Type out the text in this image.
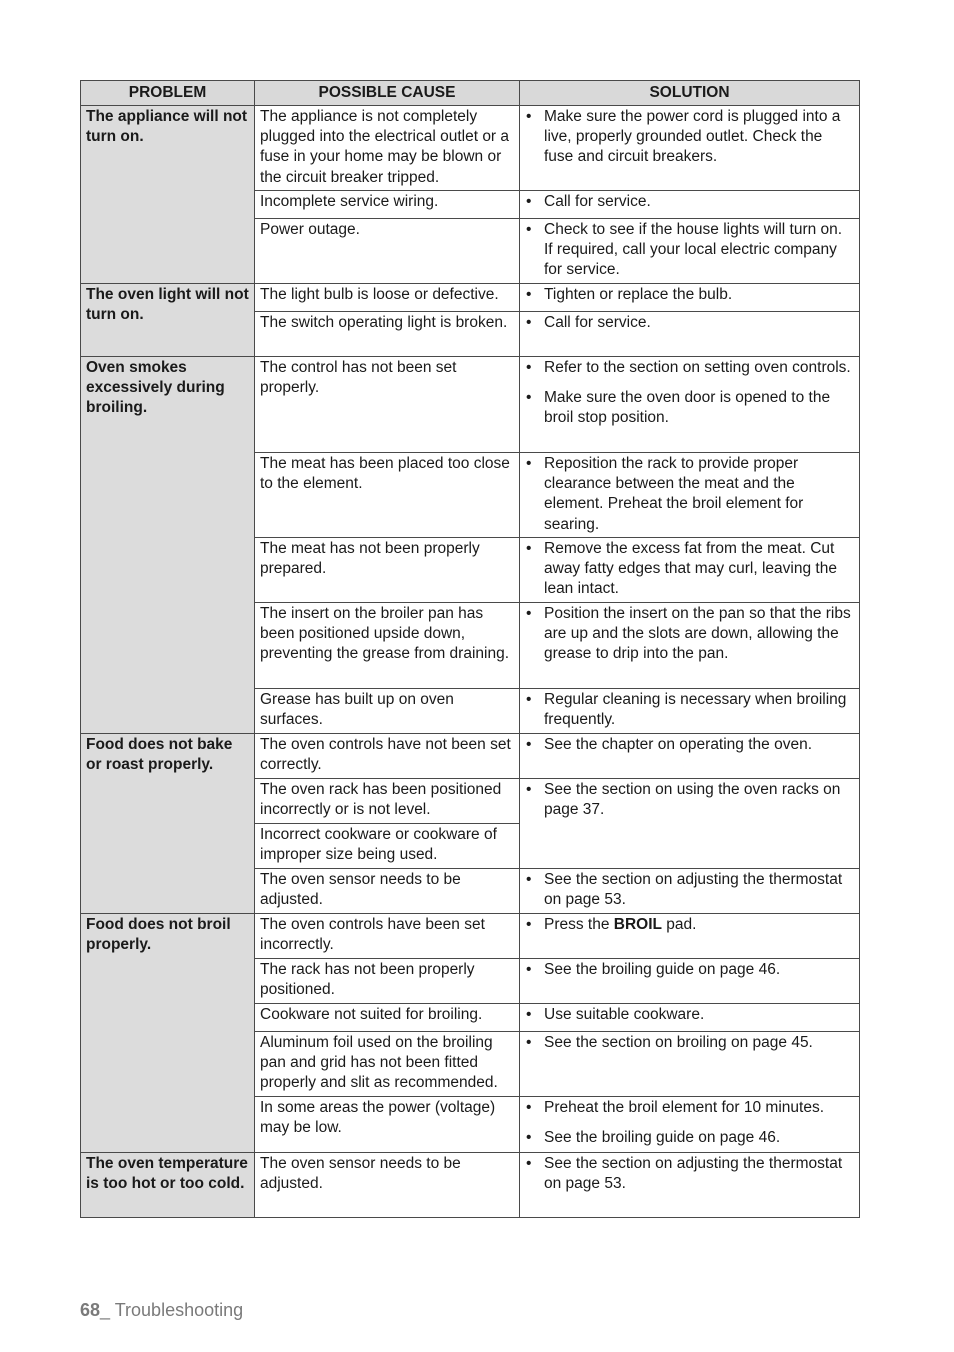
PROBLEM	POSSIBLE CAUSE	SOLUTION
The appliance will not turn on.	The appliance is not completely plugged into the electrical outlet or a fuse in your home may be blown or the circuit breaker tripped.	• Make sure the power cord is plugged into a live, properly grounded outlet. Check the fuse and circuit breakers.

	Incomplete service wiring.	• Call for service.

	Power outage.	• Check to see if the house lights will turn on. If required, call your local electric company for service.

The oven light will not turn on.	The light bulb is loose or defective.	• Tighten or replace the bulb.

	The switch operating light is broken.	• Call for service.

Oven smokes excessively during broiling.	The control has not been set properly.	• Refer to the section on setting oven controls.
• Make sure the oven door is opened to the broil stop position.

	The meat has been placed too close to the element.	• Reposition the rack to provide proper clearance between the meat and the element. Preheat the broil element for searing.

	The meat has not been properly prepared.	• Remove the excess fat from the meat. Cut away fatty edges that may curl, leaving the lean intact.

	The insert on the broiler pan has been positioned upside down, preventing the grease from draining.	• Position the insert on the pan so that the ribs are up and the slots are down, allowing the grease to drip into the pan.

	Grease has built up on oven surfaces.	• Regular cleaning is necessary when broiling frequently.

Food does not bake or roast properly.	The oven controls have not been set correctly.	• See the chapter on operating the oven.

	The oven rack has been positioned incorrectly or is not level.	• See the section on using the oven racks on page 37.

	Incorrect cookware or cookware of improper size being used.	
	The oven sensor needs to be adjusted.	• See the section on adjusting the thermostat on page 53.

Food does not broil properly.	The oven controls have been set incorrectly.	• Press the BROIL pad.

	The rack has not been properly positioned.	• See the broiling guide on page 46.

	Cookware not suited for broiling.	• Use suitable cookware.

	Aluminum foil used on the broiling pan and grid has not been fitted properly and slit as recommended.	• See the section on broiling on page 45.

	In some areas the power (voltage) may be low.	• Preheat the broil element for 10 minutes.
• See the broiling guide on page 46.

The oven temperature is too hot or too cold.	The oven sensor needs to be adjusted.	• See the section on adjusting the thermostat on page 53.
68_ Troubleshooting
